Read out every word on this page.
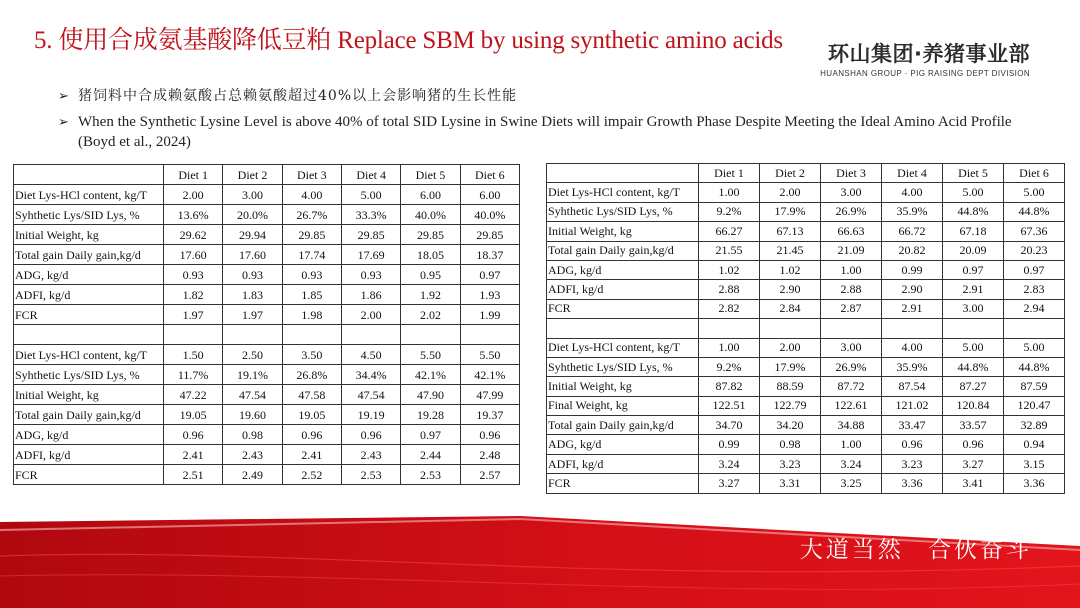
5. 使用合成氨基酸降低豆粕 Replace SBM by using synthetic amino acids	环山集团·养猪事业部
HUANSHAN GROUP · PIG RAISING DEPT DIVISION
➢ 猪饲料中合成赖氨酸占总赖氨酸超过40%以上会影响猪的生长性能
➢ When the Synthetic Lysine Level is above 40% of total SID Lysine in Swine Diets will impair Growth Phase Despite Meeting the Ideal Amino Acid Profile (Boyd et al., 2024)
	Diet 1	Diet 2	Diet 3	Diet 4	Diet 5	Diet 6
Diet Lys-HCl content, kg/T	2.00	3.00	4.00	5.00	6.00	6.00
Syhthetic Lys/SID Lys, %	13.6%	20.0%	26.7%	33.3%	40.0%	40.0%
Initial Weight, kg	29.62	29.94	29.85	29.85	29.85	29.85
Total gain Daily gain,kg/d	17.60	17.60	17.74	17.69	18.05	18.37
ADG, kg/d	0.93	0.93	0.93	0.93	0.95	0.97
ADFI, kg/d	1.82	1.83	1.85	1.86	1.92	1.93
FCR	1.97	1.97	1.98	2.00	2.02	1.99

Diet Lys-HCl content, kg/T	1.50	2.50	3.50	4.50	5.50	5.50
Syhthetic Lys/SID Lys, %	11.7%	19.1%	26.8%	34.4%	42.1%	42.1%
Initial Weight, kg	47.22	47.54	47.58	47.54	47.90	47.99
Total gain Daily gain,kg/d	19.05	19.60	19.05	19.19	19.28	19.37
ADG, kg/d	0.96	0.98	0.96	0.96	0.97	0.96
ADFI, kg/d	2.41	2.43	2.41	2.43	2.44	2.48
FCR	2.51	2.49	2.52	2.53	2.53	2.57
	Diet 1	Diet 2	Diet 3	Diet 4	Diet 5	Diet 6
Diet Lys-HCl content, kg/T	1.00	2.00	3.00	4.00	5.00	5.00
Syhthetic Lys/SID Lys, %	9.2%	17.9%	26.9%	35.9%	44.8%	44.8%
Initial Weight, kg	66.27	67.13	66.63	66.72	67.18	67.36
Total gain Daily gain,kg/d	21.55	21.45	21.09	20.82	20.09	20.23
ADG, kg/d	1.02	1.02	1.00	0.99	0.97	0.97
ADFI, kg/d	2.88	2.90	2.88	2.90	2.91	2.83
FCR	2.82	2.84	2.87	2.91	3.00	2.94

Diet Lys-HCl content, kg/T	1.00	2.00	3.00	4.00	5.00	5.00
Syhthetic Lys/SID Lys, %	9.2%	17.9%	26.9%	35.9%	44.8%	44.8%
Initial Weight, kg	87.82	88.59	87.72	87.54	87.27	87.59
Final Weight, kg	122.51	122.79	122.61	121.02	120.84	120.47
Total gain Daily gain,kg/d	34.70	34.20	34.88	33.47	33.57	32.89
ADG, kg/d	0.99	0.98	1.00	0.96	0.96	0.94
ADFI, kg/d	3.24	3.23	3.24	3.23	3.27	3.15
FCR	3.27	3.31	3.25	3.36	3.41	3.36
大道当然 合伙奋斗
